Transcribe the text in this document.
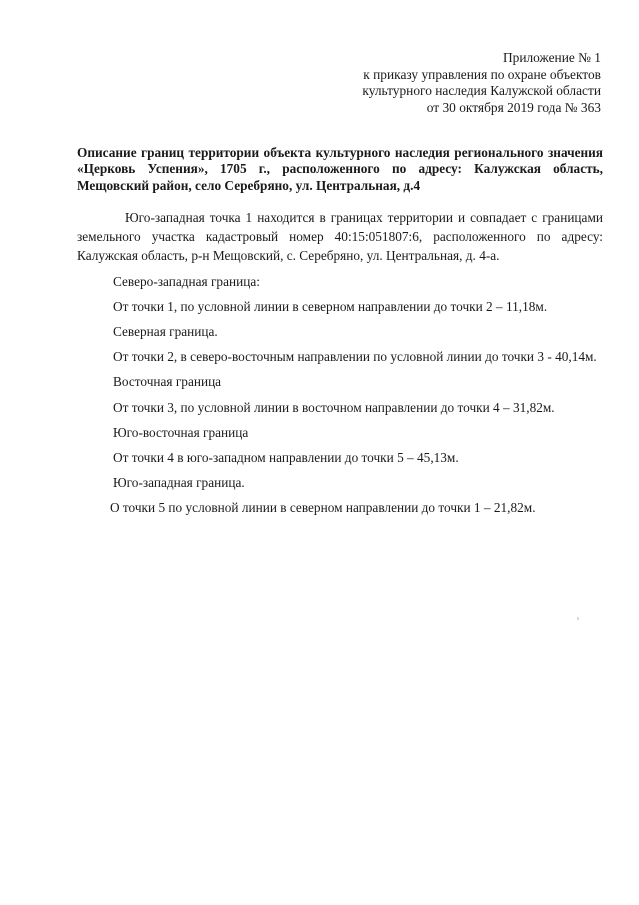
Приложение № 1
к приказу управления по охране объектов
культурного наследия Калужской области
от 30 октября 2019 года № 363
Описание границ территории объекта культурного наследия регионального значения «Церковь Успения», 1705 г., расположенного по адресу: Калужская область, Мещовский район, село Серебряно, ул. Центральная, д.4

Юго-западная точка 1 находится в границах территории и совпадает с границами земельного участка кадастровый номер 40:15:051807:6, расположенного по адресу: Калужская область, р-н Мещовский, с. Серебряно, ул. Центральная, д. 4-а.

Северо-западная граница:

От точки 1, по условной линии в северном направлении до точки 2 – 11,18м.

Северная граница.

От точки 2, в северо-восточным направлении по условной линии до точки 3 - 40,14м.

Восточная граница

От точки 3, по условной линии в восточном направлении до точки 4 – 31,82м.

Юго-восточная граница

От точки 4 в юго-западном направлении до точки 5 – 45,13м.

Юго-западная граница.

О точки 5 по условной линии в северном направлении до точки 1 – 21,82м.
